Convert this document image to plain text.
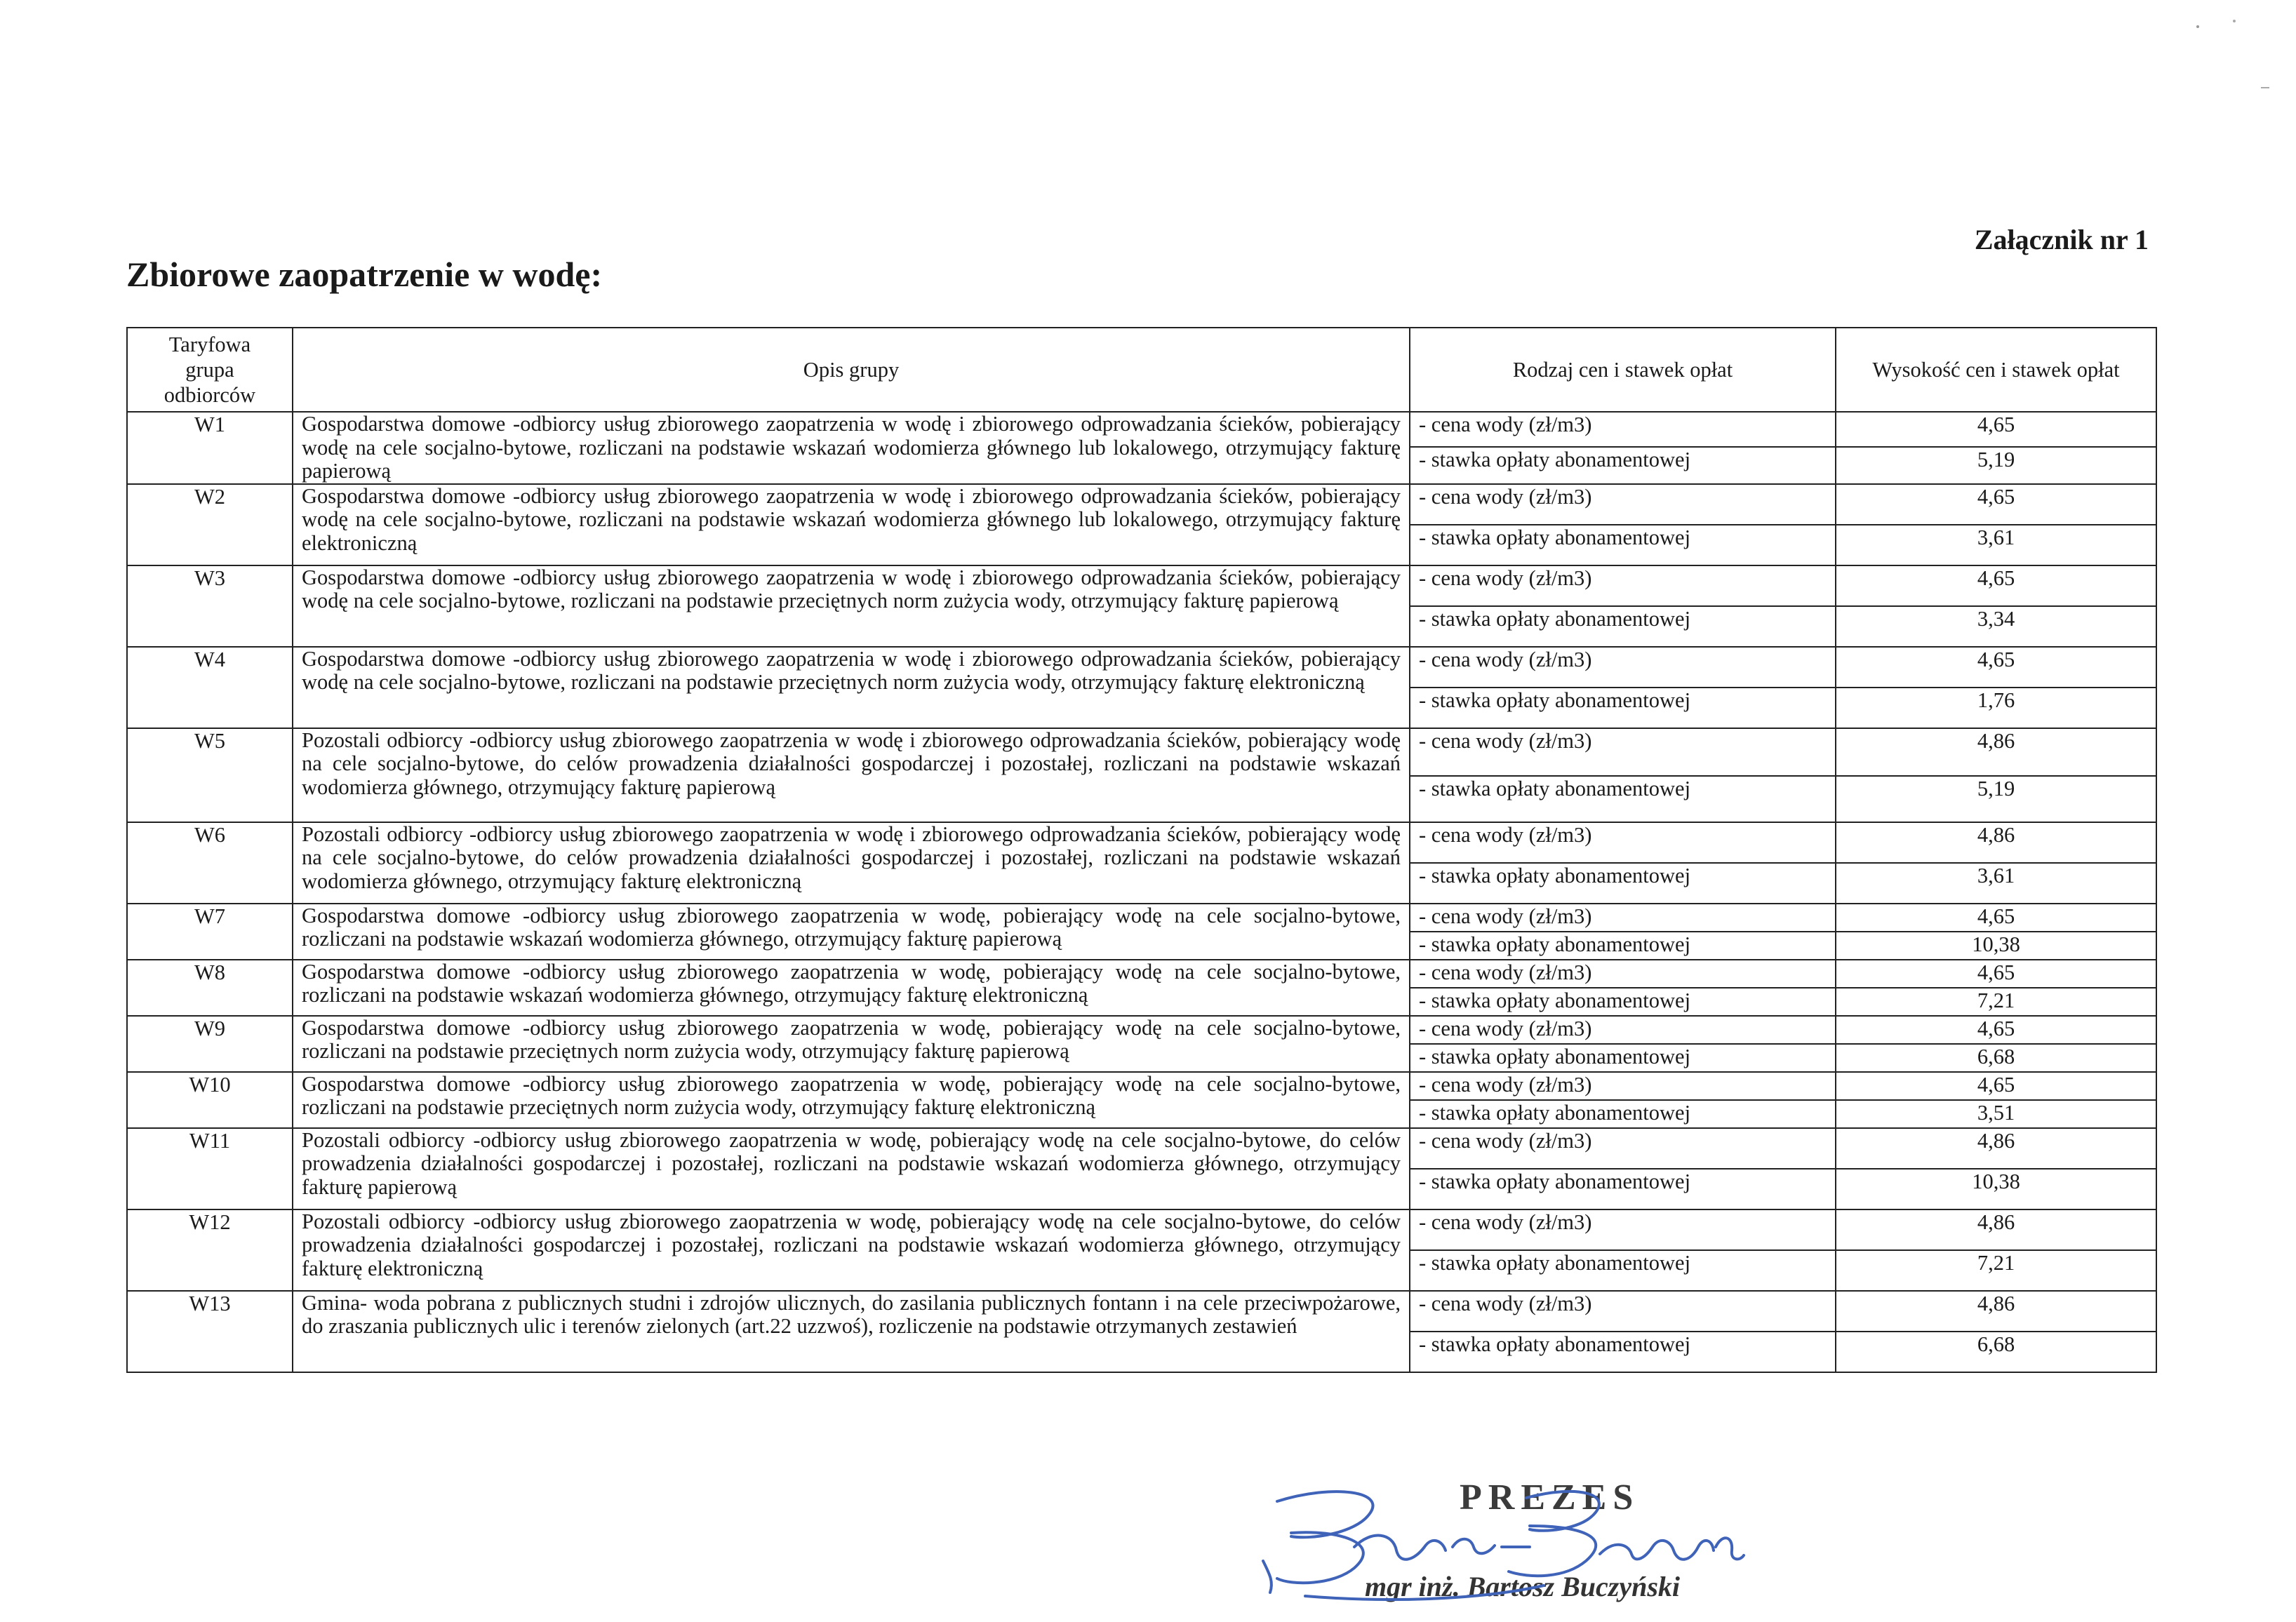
Załącznik nr 1
Zbiorowe zaopatrzenie w wodę:
Taryfowa
grupa
odbiorców	Opis grupy	Rodzaj cen i stawek opłat	Wysokość cen i stawek opłat
W1	Gospodarstwa domowe -odbiorcy usług zbiorowego zaopatrzenia w wodę i zbiorowego odprowadzania ścieków, pobierający wodę na cele socjalno-bytowe, rozliczani na podstawie wskazań wodomierza głównego lub lokalowego, otrzymujący fakturę papierową	- cena wody (zł/m3)	4,65
		- stawka opłaty abonamentowej	5,19
W2	Gospodarstwa domowe -odbiorcy usług zbiorowego zaopatrzenia w wodę i zbiorowego odprowadzania ścieków, pobierający wodę na cele socjalno-bytowe, rozliczani na podstawie wskazań wodomierza głównego lub lokalowego, otrzymujący fakturę elektroniczną	- cena wody (zł/m3)	4,65
		- stawka opłaty abonamentowej	3,61
W3	Gospodarstwa domowe -odbiorcy usług zbiorowego zaopatrzenia w wodę i zbiorowego odprowadzania ścieków, pobierający wodę na cele socjalno-bytowe, rozliczani na podstawie przeciętnych norm zużycia wody, otrzymujący fakturę papierową	- cena wody (zł/m3)	4,65
		- stawka opłaty abonamentowej	3,34
W4	Gospodarstwa domowe -odbiorcy usług zbiorowego zaopatrzenia w wodę i zbiorowego odprowadzania ścieków, pobierający wodę na cele socjalno-bytowe, rozliczani na podstawie przeciętnych norm zużycia wody, otrzymujący fakturę elektroniczną	- cena wody (zł/m3)	4,65
		- stawka opłaty abonamentowej	1,76
W5	Pozostali odbiorcy -odbiorcy usług zbiorowego zaopatrzenia w wodę i zbiorowego odprowadzania ścieków, pobierający wodę na cele socjalno-bytowe, do celów prowadzenia działalności gospodarczej i pozostałej, rozliczani na podstawie wskazań wodomierza głównego, otrzymujący fakturę papierową	- cena wody (zł/m3)	4,86
		- stawka opłaty abonamentowej	5,19
W6	Pozostali odbiorcy -odbiorcy usług zbiorowego zaopatrzenia w wodę i zbiorowego odprowadzania ścieków, pobierający wodę na cele socjalno-bytowe, do celów prowadzenia działalności gospodarczej i pozostałej, rozliczani na podstawie wskazań wodomierza głównego, otrzymujący fakturę elektroniczną	- cena wody (zł/m3)	4,86
		- stawka opłaty abonamentowej	3,61
W7	Gospodarstwa domowe -odbiorcy usług zbiorowego zaopatrzenia w wodę, pobierający wodę na cele socjalno-bytowe, rozliczani na podstawie wskazań wodomierza głównego, otrzymujący fakturę papierową	- cena wody (zł/m3)	4,65
		- stawka opłaty abonamentowej	10,38
W8	Gospodarstwa domowe -odbiorcy usług zbiorowego zaopatrzenia w wodę, pobierający wodę na cele socjalno-bytowe, rozliczani na podstawie wskazań wodomierza głównego, otrzymujący fakturę elektroniczną	- cena wody (zł/m3)	4,65
		- stawka opłaty abonamentowej	7,21
W9	Gospodarstwa domowe -odbiorcy usług zbiorowego zaopatrzenia w wodę, pobierający wodę na cele socjalno-bytowe, rozliczani na podstawie przeciętnych norm zużycia wody, otrzymujący fakturę papierową	- cena wody (zł/m3)	4,65
		- stawka opłaty abonamentowej	6,68
W10	Gospodarstwa domowe -odbiorcy usług zbiorowego zaopatrzenia w wodę, pobierający wodę na cele socjalno-bytowe, rozliczani na podstawie przeciętnych norm zużycia wody, otrzymujący fakturę elektroniczną	- cena wody (zł/m3)	4,65
		- stawka opłaty abonamentowej	3,51
W11	Pozostali odbiorcy -odbiorcy usług zbiorowego zaopatrzenia w wodę, pobierający wodę na cele socjalno-bytowe, do celów prowadzenia działalności gospodarczej i pozostałej, rozliczani na podstawie wskazań wodomierza głównego, otrzymujący fakturę papierową	- cena wody (zł/m3)	4,86
		- stawka opłaty abonamentowej	10,38
W12	Pozostali odbiorcy -odbiorcy usług zbiorowego zaopatrzenia w wodę, pobierający wodę na cele socjalno-bytowe, do celów prowadzenia działalności gospodarczej i pozostałej, rozliczani na podstawie wskazań wodomierza głównego, otrzymujący fakturę elektroniczną	- cena wody (zł/m3)	4,86
		- stawka opłaty abonamentowej	7,21
W13	Gmina- woda pobrana z publicznych studni i zdrojów ulicznych, do zasilania publicznych fontann i na cele przeciwpożarowe, do zraszania publicznych ulic i terenów zielonych (art.22 uzzwoś), rozliczenie na podstawie otrzymanych zestawień	- cena wody (zł/m3)	4,86
		- stawka opłaty abonamentowej	6,68
PREZES
mgr inż. Bartosz Buczyński
